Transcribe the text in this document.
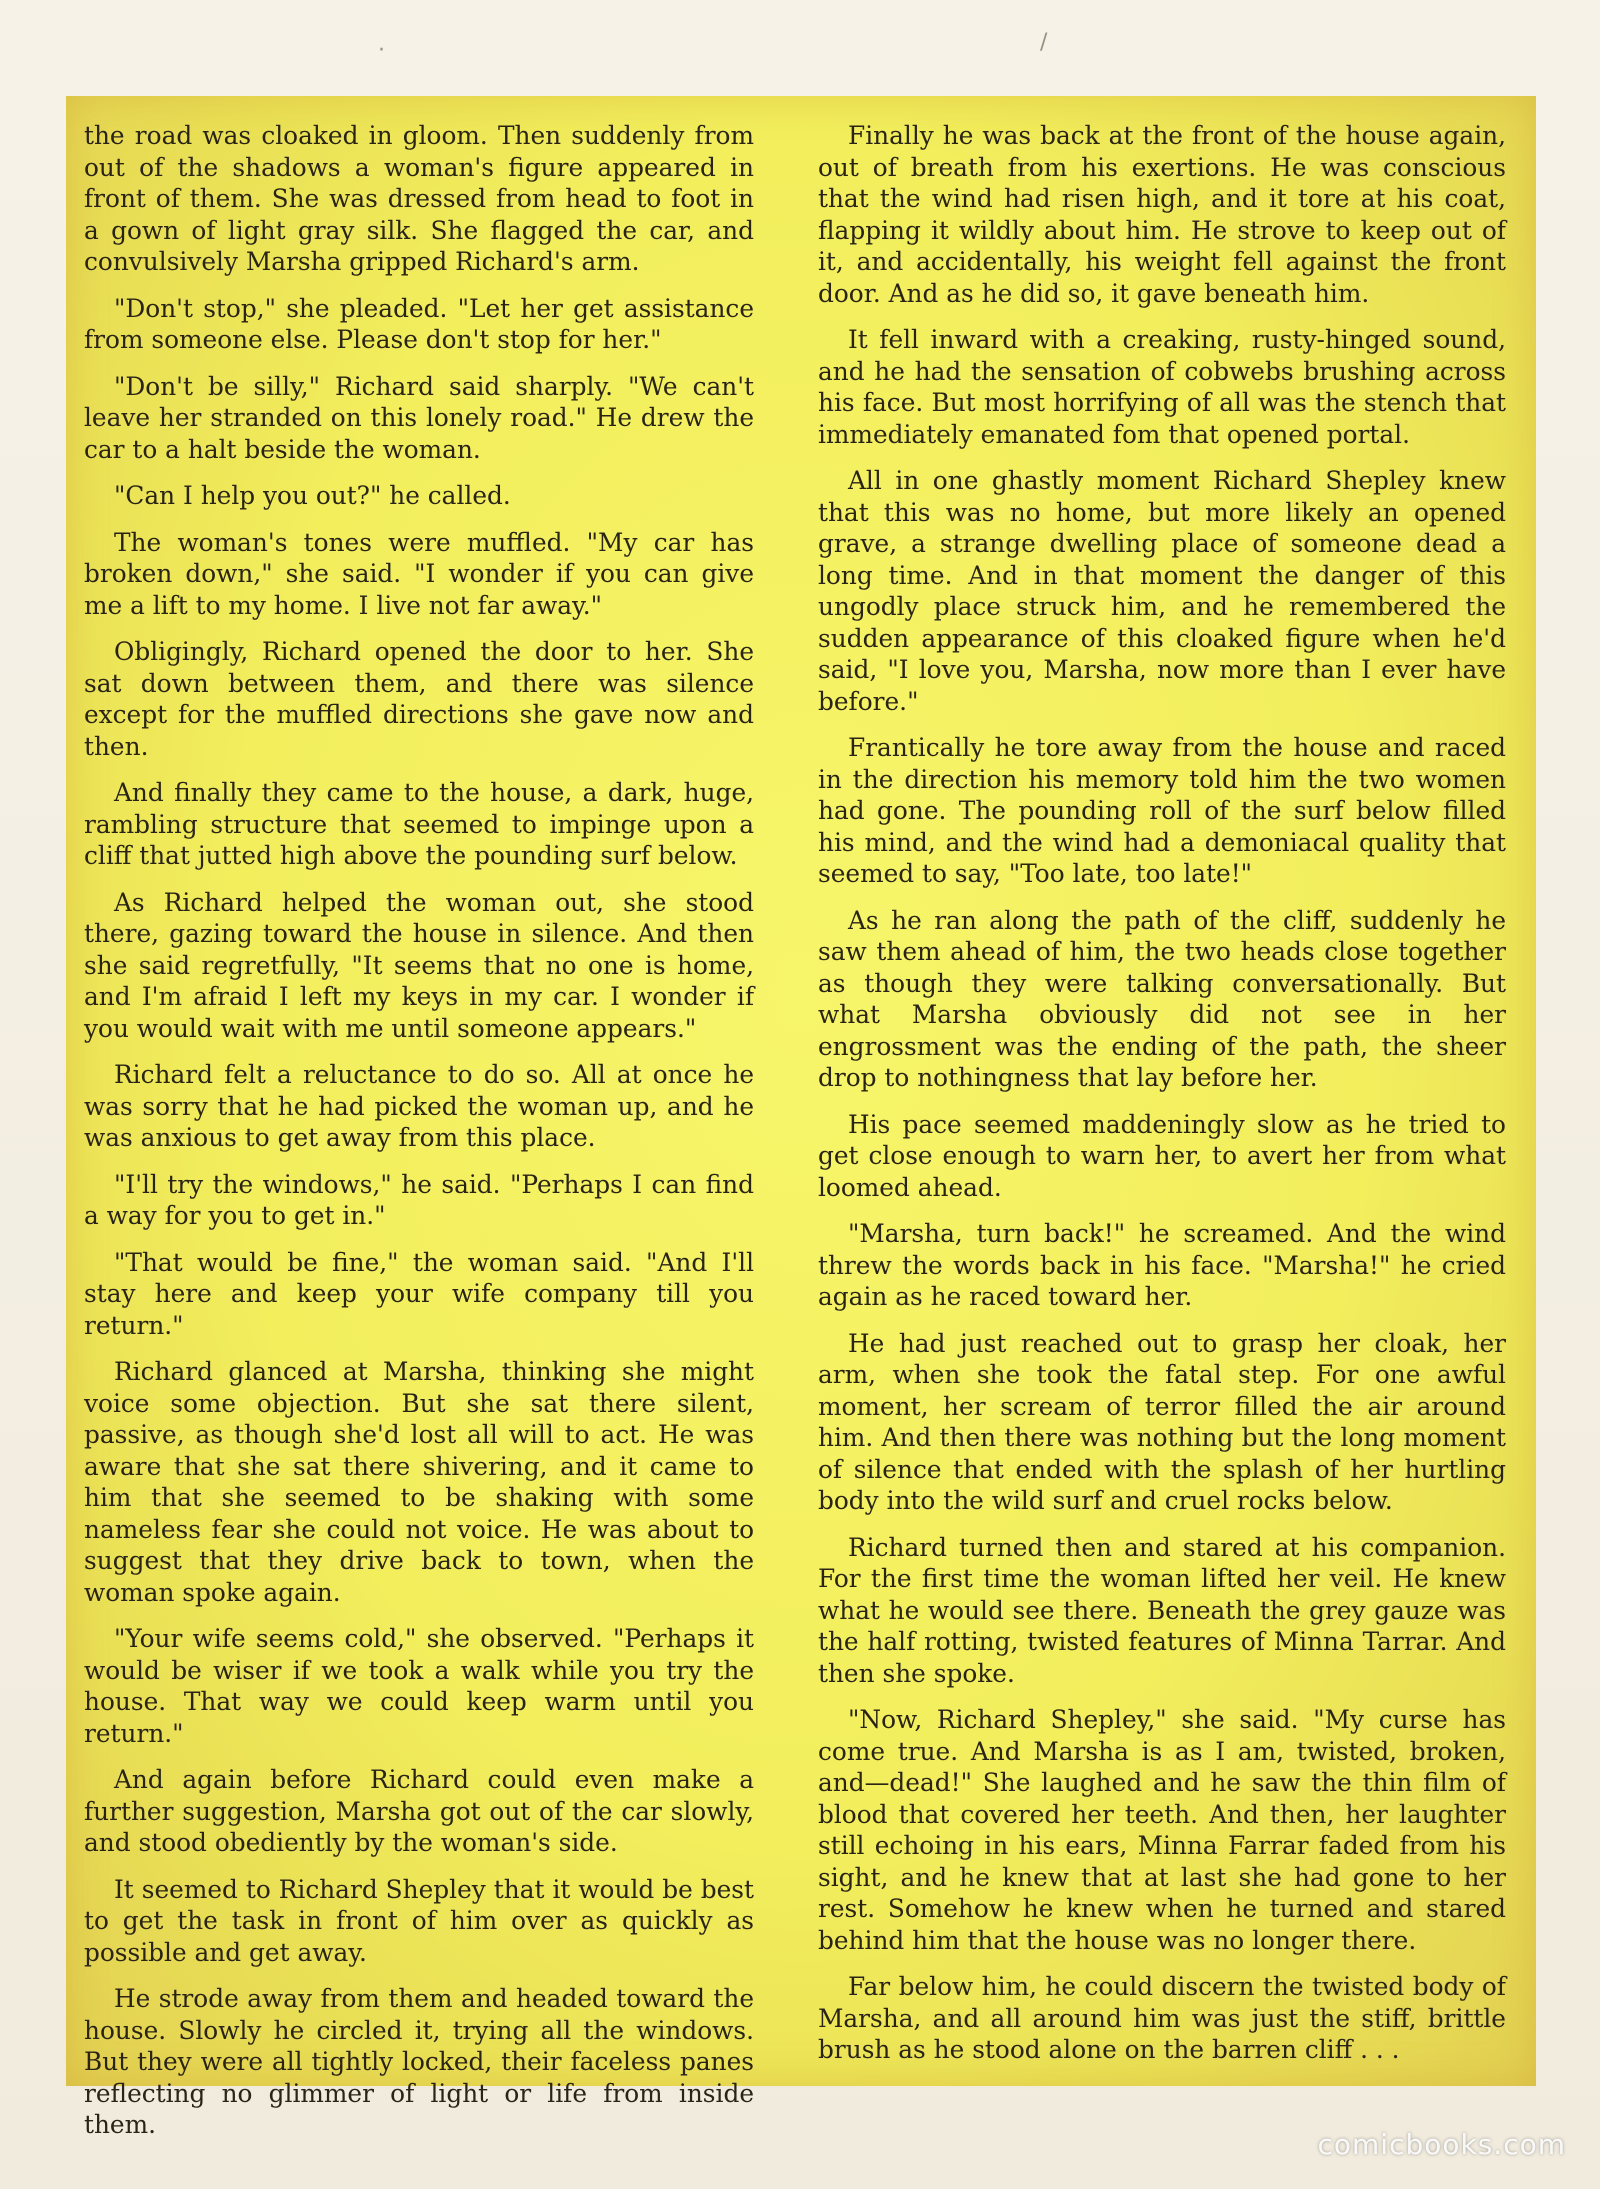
·	/

the road was cloaked in gloom. Then suddenly from out of the shadows a woman's figure appeared in front of them. She was dressed from head to foot in a gown of light gray silk. She flagged the car, and convulsively Marsha gripped Richard's arm.

"Don't stop," she pleaded. "Let her get assistance from someone else. Please don't stop for her."

"Don't be silly," Richard said sharply. "We can't leave her stranded on this lonely road." He drew the car to a halt beside the woman.

"Can I help you out?" he called.

The woman's tones were muffled. "My car has broken down," she said. "I wonder if you can give me a lift to my home. I live not far away."

Obligingly, Richard opened the door to her. She sat down between them, and there was silence except for the muffled directions she gave now and then.

And finally they came to the house, a dark, huge, rambling structure that seemed to impinge upon a cliff that jutted high above the pounding surf below.

As Richard helped the woman out, she stood there, gazing toward the house in silence. And then she said regretfully, "It seems that no one is home, and I'm afraid I left my keys in my car. I wonder if you would wait with me until someone appears."

Richard felt a reluctance to do so. All at once he was sorry that he had picked the woman up, and he was anxious to get away from this place.

"I'll try the windows," he said. "Perhaps I can find a way for you to get in."

"That would be fine," the woman said. "And I'll stay here and keep your wife company till you return."

Richard glanced at Marsha, thinking she might voice some objection. But she sat there silent, passive, as though she'd lost all will to act. He was aware that she sat there shivering, and it came to him that she seemed to be shaking with some nameless fear she could not voice. He was about to suggest that they drive back to town, when the woman spoke again.

"Your wife seems cold," she observed. "Perhaps it would be wiser if we took a walk while you try the house. That way we could keep warm until you return."

And again before Richard could even make a further suggestion, Marsha got out of the car slowly, and stood obediently by the woman's side.

It seemed to Richard Shepley that it would be best to get the task in front of him over as quickly as possible and get away.

He strode away from them and headed toward the house. Slowly he circled it, trying all the windows. But they were all tightly locked, their faceless panes reflecting no glimmer of light or life from inside them.

Finally he was back at the front of the house again, out of breath from his exertions. He was conscious that the wind had risen high, and it tore at his coat, flapping it wildly about him. He strove to keep out of it, and accidentally, his weight fell against the front door. And as he did so, it gave beneath him.

It fell inward with a creaking, rusty-hinged sound, and he had the sensation of cobwebs brushing across his face. But most horrifying of all was the stench that immediately emanated fom that opened portal.

All in one ghastly moment Richard Shepley knew that this was no home, but more likely an opened grave, a strange dwelling place of someone dead a long time. And in that moment the danger of this ungodly place struck him, and he remembered the sudden appearance of this cloaked figure when he'd said, "I love you, Marsha, now more than I ever have before."

Frantically he tore away from the house and raced in the direction his memory told him the two women had gone. The pounding roll of the surf below filled his mind, and the wind had a demoniacal quality that seemed to say, "Too late, too late!"

As he ran along the path of the cliff, suddenly he saw them ahead of him, the two heads close together as though they were talking conversationally. But what Marsha obviously did not see in her engrossment was the ending of the path, the sheer drop to nothingness that lay before her.

His pace seemed maddeningly slow as he tried to get close enough to warn her, to avert her from what loomed ahead.

"Marsha, turn back!" he screamed. And the wind threw the words back in his face. "Marsha!" he cried again as he raced toward her.

He had just reached out to grasp her cloak, her arm, when she took the fatal step. For one awful moment, her scream of terror filled the air around him. And then there was nothing but the long moment of silence that ended with the splash of her hurtling body into the wild surf and cruel rocks below.

Richard turned then and stared at his companion. For the first time the woman lifted her veil. He knew what he would see there. Beneath the grey gauze was the half rotting, twisted features of Minna Tarrar. And then she spoke.

"Now, Richard Shepley," she said. "My curse has come true. And Marsha is as I am, twisted, broken, and—dead!" She laughed and he saw the thin film of blood that covered her teeth. And then, her laughter still echoing in his ears, Minna Farrar faded from his sight, and he knew that at last she had gone to her rest. Somehow he knew when he turned and stared behind him that the house was no longer there.

Far below him, he could discern the twisted body of Marsha, and all around him was just the stiff, brittle brush as he stood alone on the barren cliff . . .

comicbooks.com
